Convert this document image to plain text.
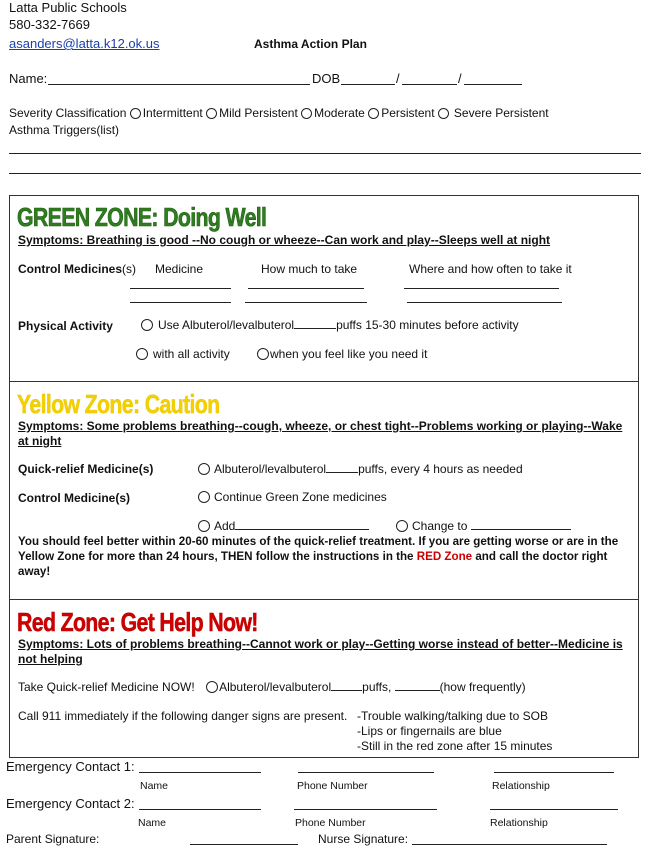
Latta Public Schools
580-332-7669
asanders@latta.k12.ok.us	Asthma Action Plan
Name:	DOB	/	/
Severity Classification Intermittent Mild Persistent Moderate Persistent Severe Persistent
Asthma Triggers(list)
GREEN ZONE: Doing Well
Symptoms: Breathing is good --No cough or wheeze--Can work and play--Sleeps well at night
Control Medicines(s) Medicine	How much to take	Where and how often to take it
Physical Activity	Use Albuterol/levalbuterol	puffs 15-30 minutes before activity
with all activity	when you feel like you need it
Yellow Zone: Caution
Symptoms: Some problems breathing--cough, wheeze, or chest tight--Problems working or playing--Wake at night
Quick-relief Medicine(s)	Albuterol/levalbuterol	puffs, every 4 hours as needed
Control Medicine(s)	Continue Green Zone medicines
Add	Change to
You should feel better within 20-60 minutes of the quick-relief treatment. If you are getting worse or are in the Yellow Zone for more than 24 hours, THEN follow the instructions in the RED Zone and call the doctor right away!
Red Zone: Get Help Now!
Symptoms: Lots of problems breathing--Cannot work or play--Getting worse instead of better--Medicine is not helping
Take Quick-relief Medicine NOW! Albuterol/levalbuterol	puffs,	(how frequently)
Call 911 immediately if the following danger signs are present. -Trouble walking/talking due to SOB
-Lips or fingernails are blue
-Still in the red zone after 15 minutes
Emergency Contact 1:
Name	Phone Number	Relationship
Emergency Contact 2:
Name	Phone Number	Relationship
Parent Signature:	Nurse Signature:
